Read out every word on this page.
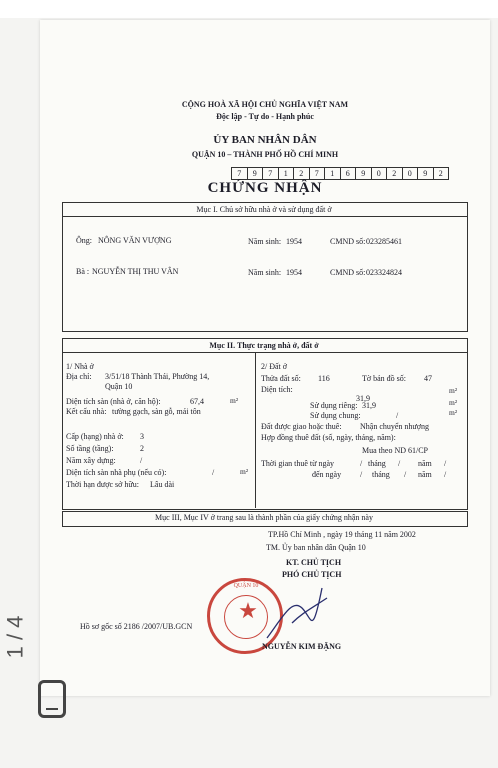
CỘNG HOÀ XÃ HỘI CHỦ NGHĨA VIỆT NAM
Độc lập - Tự do - Hạnh phúc
ỦY BAN NHÂN DÂN
QUẬN 10 – THÀNH PHỐ HỒ CHÍ MINH
7	9	7	1	2	7	1	6	9	0	2	0	9	2
CHỨNG NHẬN
Mục I. Chủ sở hữu nhà ở và sử dụng đất ở
Ông: NÔNG VĂN VƯỢNG	Năm sinh: 1954	CMND số: 023285461
Bà : NGUYỄN THỊ THU VÂN	Năm sinh: 1954	CMND số: 023324824
Mục II. Thực trạng nhà ở, đất ở
1/ Nhà ở
Địa chỉ: 3/51/18 Thành Thái, Phường 14,
Quận 10
Diện tích sàn (nhà ở, căn hộ):	67,4	m²
Kết cấu nhà: tường gạch, sàn gỗ, mái tôn
Cấp (hạng) nhà ở: 3
Số tầng (tầng):	2
Năm xây dựng:	/
Diện tích sàn nhà phụ (nếu có):	/	m²
Thời hạn được sở hữu: Lâu dài
2/ Đất ở
Thửa đất số: 116	Tờ bản đồ số: 47
Diện tích:
31,9
m²
Sử dụng riêng: 31,9	m²
Sử dụng chung:	/	m²
Đất được giao hoặc thuê: Nhận chuyển nhượng
Hợp đồng thuê đất (số, ngày, tháng, năm):
Mua theo ND 61/CP
Thời gian thuê từ ngày	/ tháng / năm /
đến ngày / tháng / năm /
Mục III, Mục IV ở trang sau là thành phần của giấy chứng nhận này
TP.Hồ Chí Minh , ngày 19 tháng 11 năm 2002
TM. Ủy ban nhân dân Quận 10
KT. CHỦ TỊCH
PHÓ CHỦ TỊCH
★
QUẬN 10
Hồ sơ gốc số 2186 /2007/UB.GCN
NGUYỄN KIM ĐẶNG
1 / 4
